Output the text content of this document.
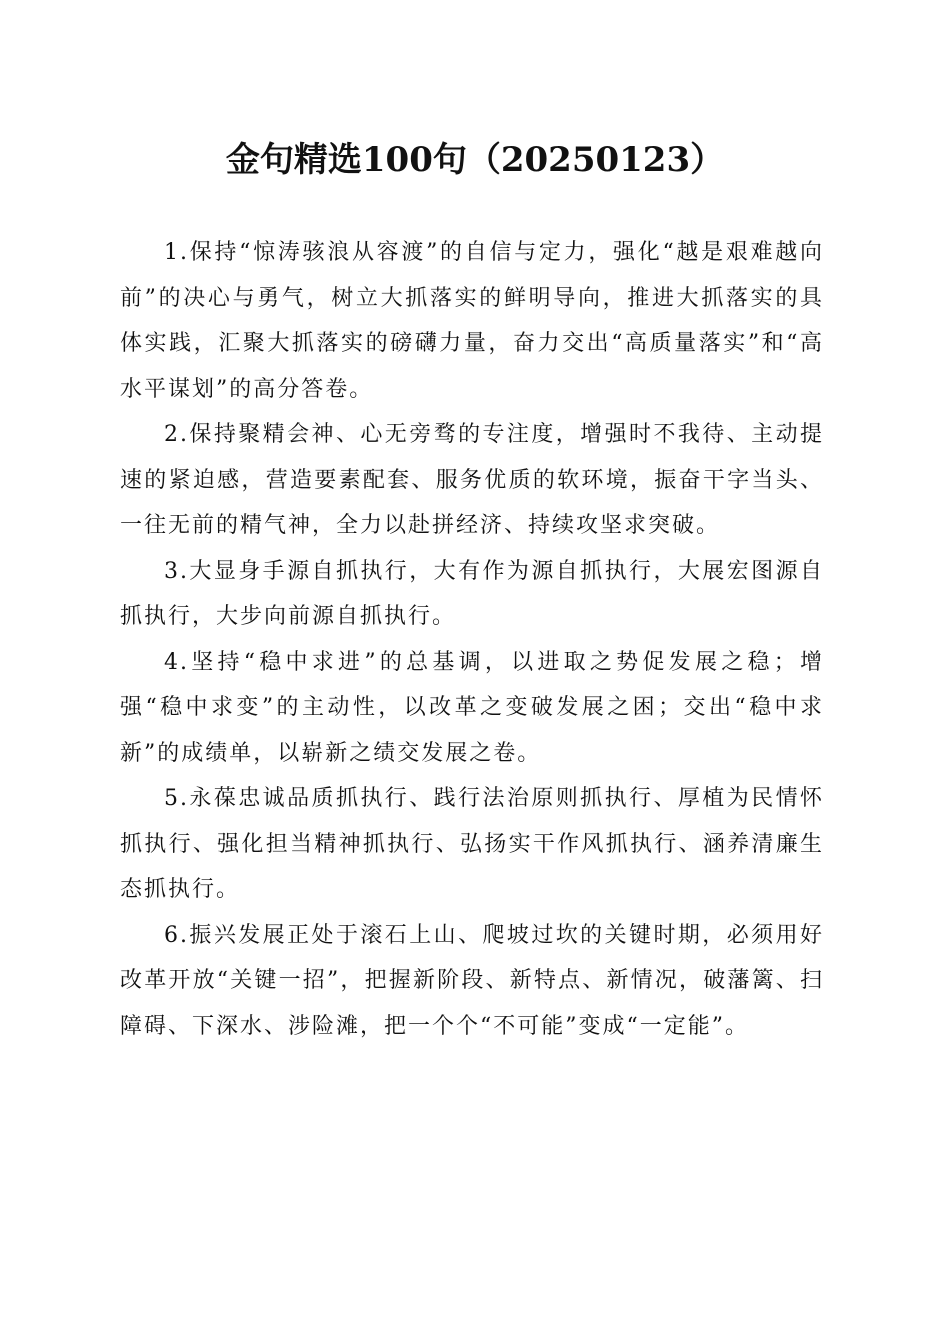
金句精选100句（20250123）

1.保持“惊涛骇浪从容渡”的自信与定力，强化“越是艰难越向前”的决心与勇气，树立大抓落实的鲜明导向，推进大抓落实的具体实践，汇聚大抓落实的磅礴力量，奋力交出“高质量落实”和“高水平谋划”的高分答卷。

2.保持聚精会神、心无旁骛的专注度，增强时不我待、主动提速的紧迫感，营造要素配套、服务优质的软环境，振奋干字当头、一往无前的精气神，全力以赴拼经济、持续攻坚求突破。

3.大显身手源自抓执行，大有作为源自抓执行，大展宏图源自抓执行，大步向前源自抓执行。

4.坚持“稳中求进”的总基调，以进取之势促发展之稳；增强“稳中求变”的主动性，以改革之变破发展之困；交出“稳中求新”的成绩单，以崭新之绩交发展之卷。

5.永葆忠诚品质抓执行、践行法治原则抓执行、厚植为民情怀抓执行、强化担当精神抓执行、弘扬实干作风抓执行、涵养清廉生态抓执行。

6.振兴发展正处于滚石上山、爬坡过坎的关键时期，必须用好改革开放“关键一招”，把握新阶段、新特点、新情况，破藩篱、扫障碍、下深水、涉险滩，把一个个“不可能”变成“一定能”。
